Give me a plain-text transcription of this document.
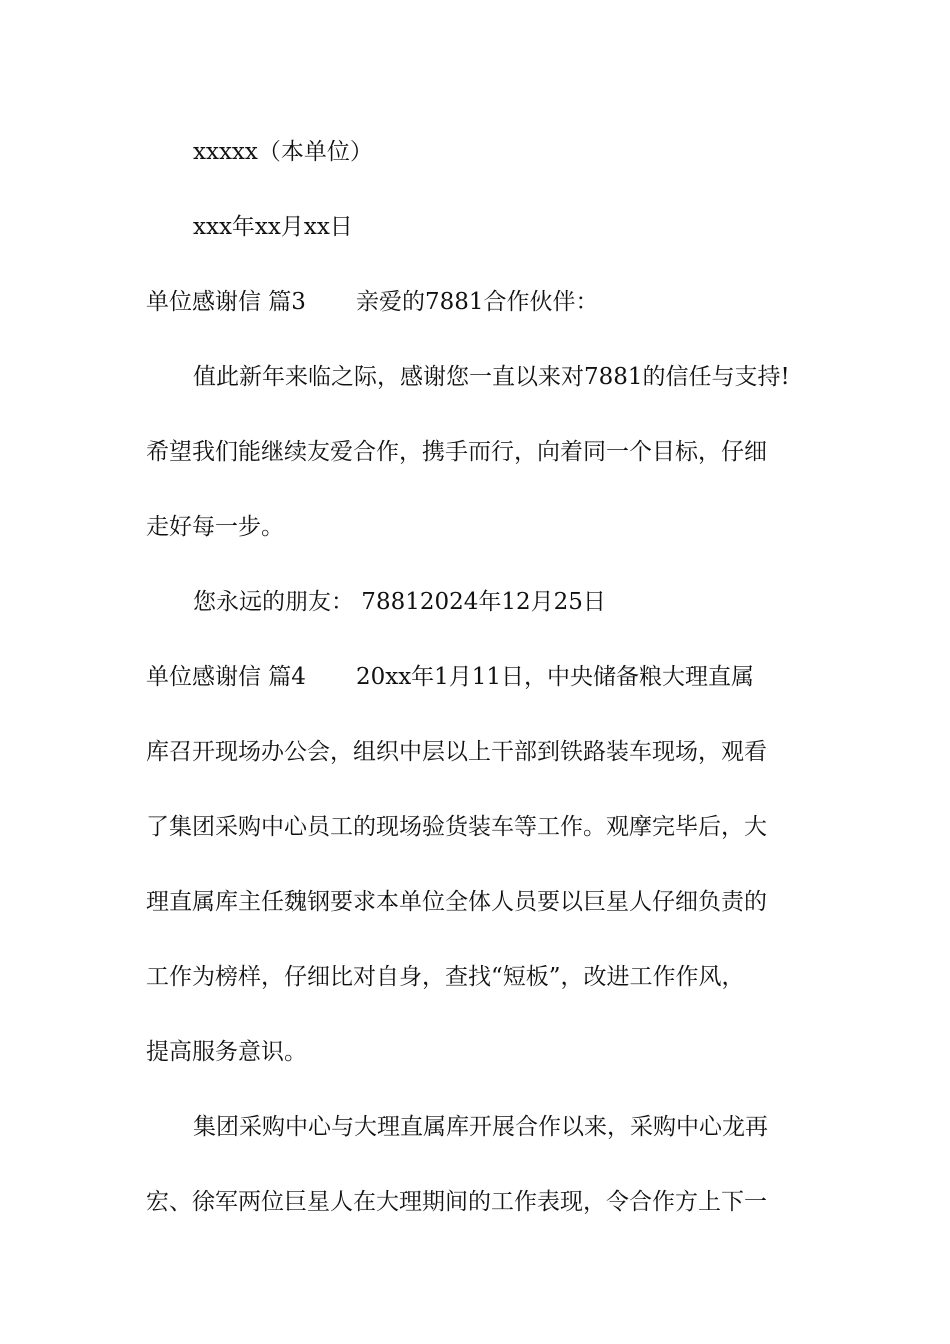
xxxxx（本单位）
xxx年xx月xx日
单位感谢信 篇3 亲爱的7881合作伙伴：
值此新年来临之际，感谢您一直以来对7881的信任与支持!
希望我们能继续友爱合作，携手而行，向着同一个目标，仔细
走好每一步。
您永远的朋友： 78812024年12月25日
单位感谢信 篇4 20xx年1月11日，中央储备粮大理直属
库召开现场办公会，组织中层以上干部到铁路装车现场，观看
了集团采购中心员工的现场验货装车等工作。观摩完毕后，大
理直属库主任魏钢要求本单位全体人员要以巨星人仔细负责的
工作为榜样，仔细比对自身，查找“短板”，改进工作作风，
提高服务意识。
集团采购中心与大理直属库开展合作以来，采购中心龙再
宏、徐军两位巨星人在大理期间的工作表现，令合作方上下一
